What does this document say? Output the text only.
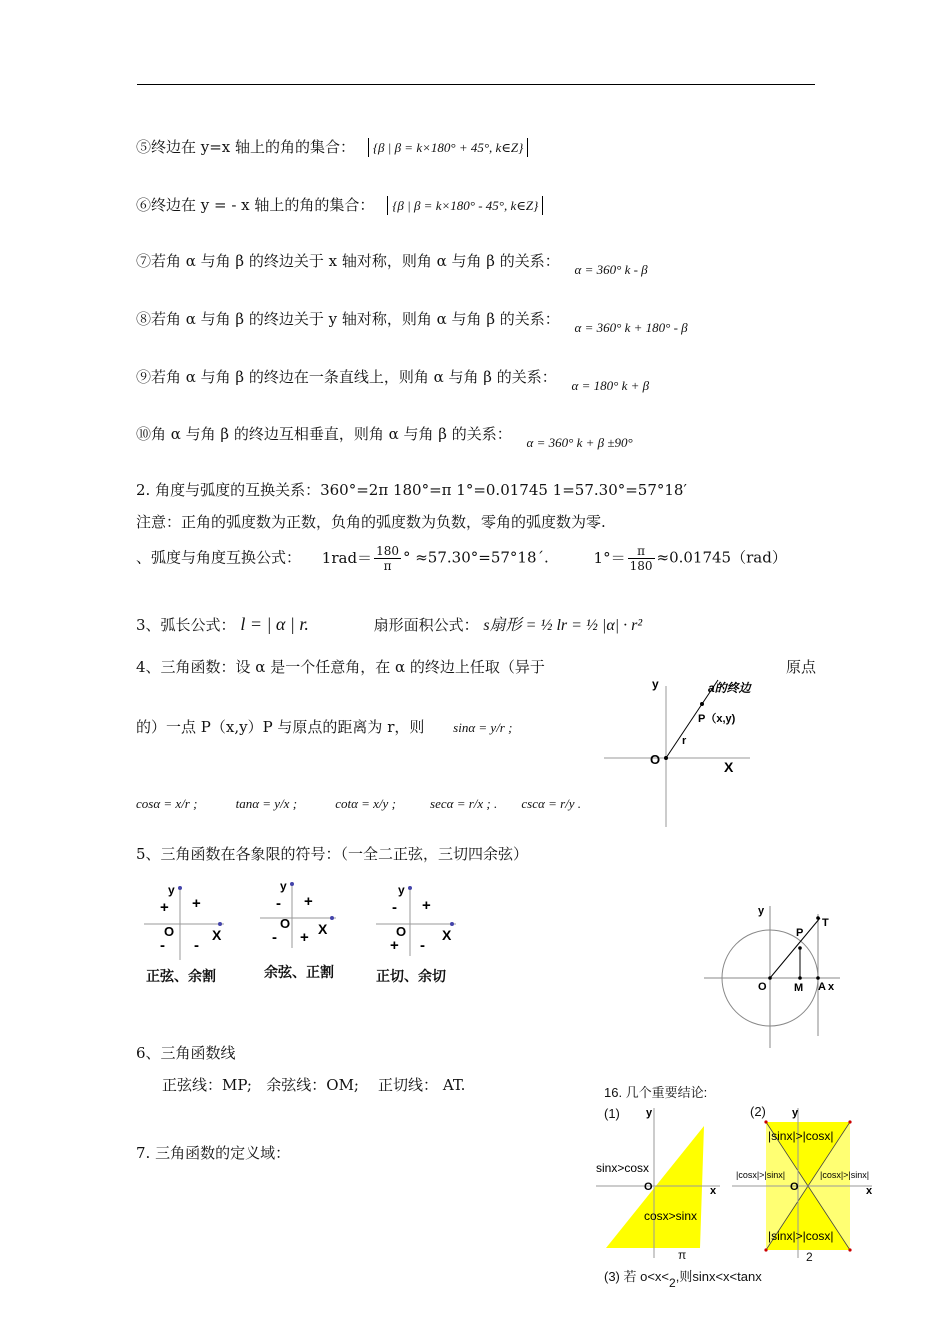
⑤终边在 y=x 轴上的角的集合： {β | β = k×180° + 45°, k∈Z}
⑥终边在 y = - x 轴上的角的集合： {β | β = k×180° - 45°, k∈Z}
⑦若角 α 与角 β 的终边关于 x 轴对称，则角 α 与角 β 的关系： α = 360° k - β
⑧若角 α 与角 β 的终边关于 y 轴对称，则角 α 与角 β 的关系： α = 360° k + 180° - β
⑨若角 α 与角 β 的终边在一条直线上，则角 α 与角 β 的关系： α = 180° k + β
⑩角 α 与角 β 的终边互相垂直，则角 α 与角 β 的关系： α = 360° k + β ±90°
2. 角度与弧度的互换关系：360°=2π 180°=π 1°=0.01745 1=57.30°=57°18′
注意：正角的弧度数为正数，负角的弧度数为负数，零角的弧度数为零.
、弧度与角度互换公式： $1rad= \frac{180}{\pi}$ ° ≈57.30°=57°18ˊ.	$1^\circ= \frac{\pi}{180} \approx 0.01745(rad)$
3、弧长公式： l = | α | r.	扇形面积公式： s扇形 = ½ lr = ½ |α| · r²
4、三角函数：设 α 是一个任意角，在 α 的终边上任取（异于	原点
的）一点 P（x,y）P 与原点的距离为 r，则 sinα = y/r ;
cosα = x/r ;	tanα = y/x ;	cotα = x/y ;	secα = r/x ; . cscα = r/y .
y
X
O
P（x,y)
r
a的终边
5、三角函数在各象限的符号：（一全二正弦，三切四余弦）
y
+
+
- -
O	X
正弦、余割
y
+
-
- +
O X
余弦、正割
y
+
-
+ -
O	X
正切、余切
y
x
O M A
P
T
6、三角函数线
正弦线：MP;   余弦线：OM;    正切线： AT.
7. 三角函数的定义域：
16. 几个重要结论:
(1)	(2)
y
x
O
sinx>cosx
cosx>sinx
y
x
O
|sinx|>|cosx|
|cosx|>|sinx|	|cosx|>|sinx|
|sinx|>|cosx|
π	2
(3) 若 o<x<2,则sinx<x<tanx
